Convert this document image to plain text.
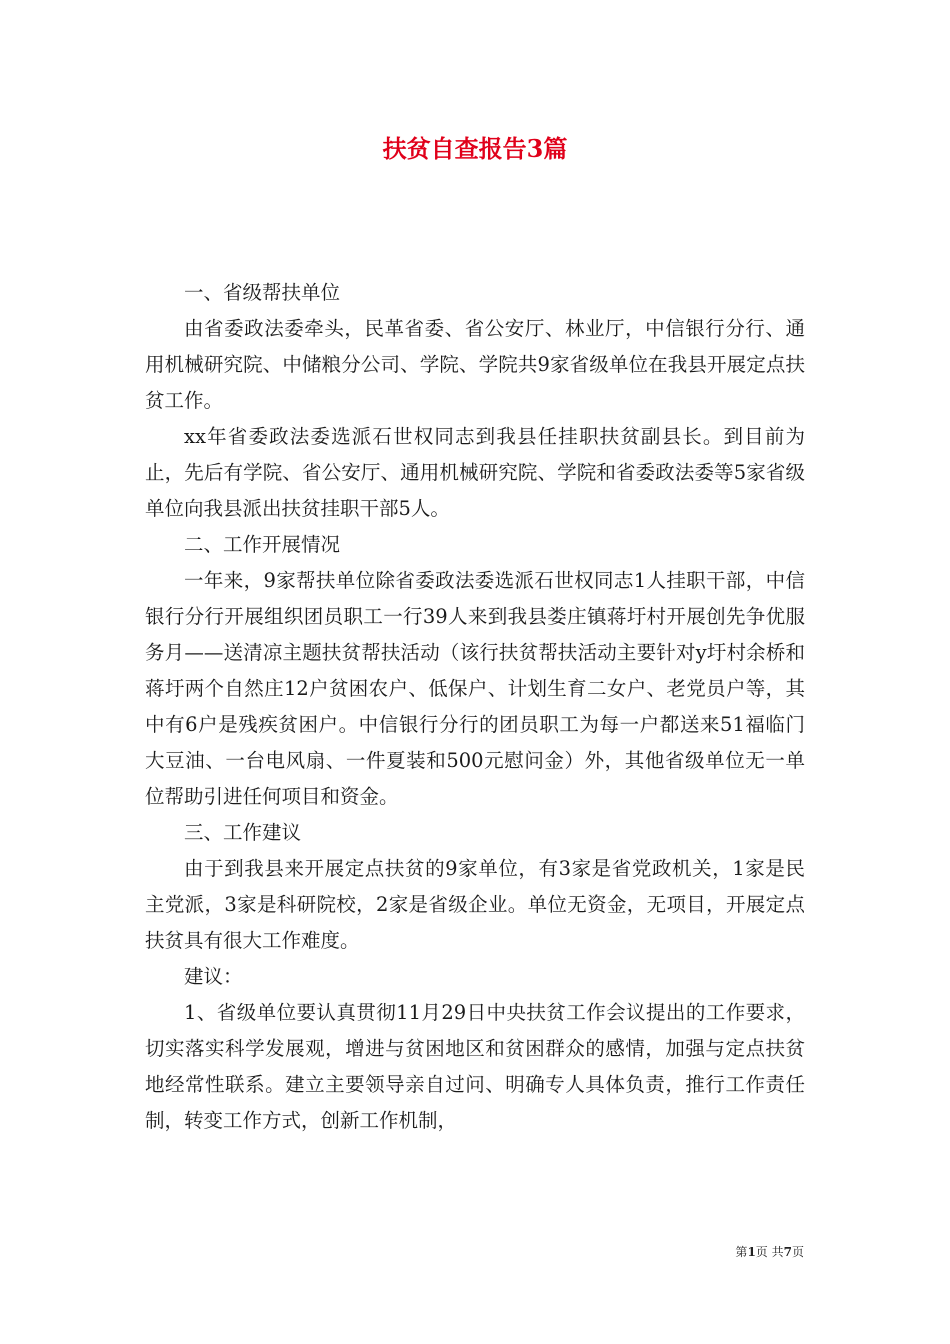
扶贫自查报告3篇

一、省级帮扶单位

由省委政法委牵头，民革省委、省公安厅、林业厅，中信银行分行、通用机械研究院、中储粮分公司、学院、学院共9家省级单位在我县开展定点扶贫工作。

xx年省委政法委选派石世权同志到我县任挂职扶贫副县长。到目前为止，先后有学院、省公安厅、通用机械研究院、学院和省委政法委等5家省级单位向我县派出扶贫挂职干部5人。

二、工作开展情况

一年来，9家帮扶单位除省委政法委选派石世权同志1人挂职干部，中信银行分行开展组织团员职工一行39人来到我县娄庄镇蒋圩村开展创先争优服务月——送清凉主题扶贫帮扶活动（该行扶贫帮扶活动主要针对y圩村余桥和蒋圩两个自然庄12户贫困农户、低保户、计划生育二女户、老党员户等，其中有6户是残疾贫困户。中信银行分行的团员职工为每一户都送来51福临门大豆油、一台电风扇、一件夏装和500元慰问金）外，其他省级单位无一单位帮助引进任何项目和资金。

三、工作建议

由于到我县来开展定点扶贫的9家单位，有3家是省党政机关，1家是民主党派，3家是科研院校，2家是省级企业。单位无资金，无项目，开展定点扶贫具有很大工作难度。

建议：

1、省级单位要认真贯彻11月29日中央扶贫工作会议提出的工作要求，切实落实科学发展观，增进与贫困地区和贫困群众的感情，加强与定点扶贫地经常性联系。建立主要领导亲自过问、明确专人具体负责，推行工作责任制，转变工作方式，创新工作机制，

第1页 共7页
